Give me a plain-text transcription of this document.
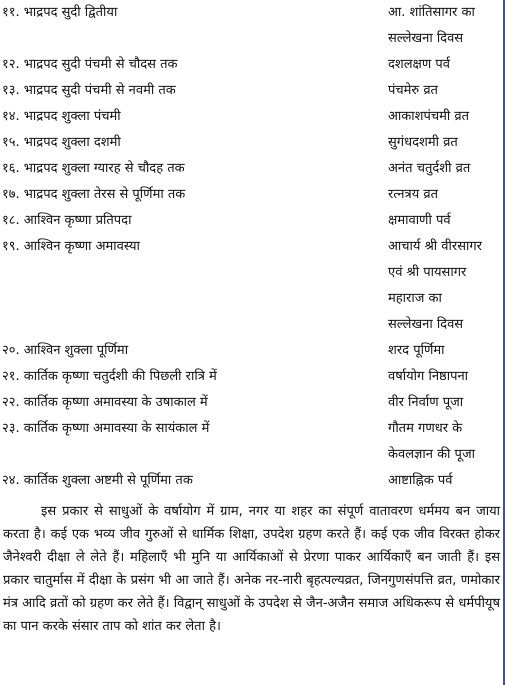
११. भाद्रपद सुदी द्वितीया	आ. शांतिसागर का
सल्लेखना दिवस
१२. भाद्रपद सुदी पंचमी से चौदस तक	दशलक्षण पर्व
१३. भाद्रपद सुदी पंचमी से नवमी तक	पंचमेरु व्रत
१४. भाद्रपद शुक्ला पंचमी	आकाशपंचमी व्रत
१५. भाद्रपद शुक्ला दशमी	सुगंधदशमी व्रत
१६. भाद्रपद शुक्ला ग्यारह से चौदह तक	अनंत चतुर्दशी व्रत
१७. भाद्रपद शुक्ला तेरस से पूर्णिमा तक	रत्नत्रय व्रत
१८. आश्विन कृष्णा प्रतिपदा	क्षमावाणी पर्व
१९. आश्विन कृष्णा अमावस्या	आचार्य श्री वीरसागर
एवं श्री पायसागर
महाराज का
सल्लेखना दिवस
२०. आश्विन शुक्ला पूर्णिमा	शरद पूर्णिमा
२१. कार्तिक कृष्णा चतुर्दशी की पिछली रात्रि में	वर्षायोग निष्ठापना
२२. कार्तिक कृष्णा अमावस्या के उषाकाल में	वीर निर्वाण पूजा
२३. कार्तिक कृष्णा अमावस्या के सायंकाल में	गौतम गणधर के
केवलज्ञान की पूजा
२४. कार्तिक शुक्ला अष्टमी से पूर्णिमा तक	आष्टाह्निक पर्व

इस प्रकार से साधुओं के वर्षायोग में ग्राम, नगर या शहर का संपूर्ण वातावरण धर्ममय बन जाया करता है। कई एक भव्य जीव गुरुओं से धार्मिक शिक्षा, उपदेश ग्रहण करते हैं। कई एक जीव विरक्त होकर जैनेश्वरी दीक्षा ले लेते हैं। महिलाएँ भी मुनि या आर्यिकाओं से प्रेरणा पाकर आर्यिकाएँ बन जाती हैं। इस प्रकार चातुर्मास में दीक्षा के प्रसंग भी आ जाते हैं। अनेक नर-नारी बृहत्पल्यव्रत, जिनगुणसंपत्ति व्रत, णमोकार मंत्र आदि व्रतों को ग्रहण कर लेते हैं। विद्वान् साधुओं के उपदेश से जैन-अजैन समाज अधिकरूप से धर्मपीयूष का पान करके संसार ताप को शांत कर लेता है।
